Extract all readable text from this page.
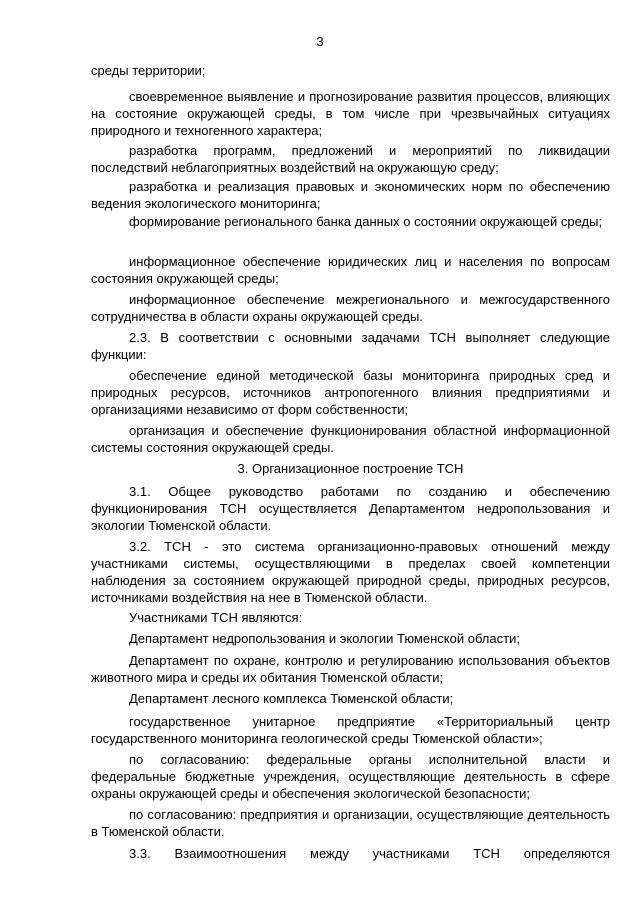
3

среды территории;

своевременное выявление и прогнозирование развития процессов, влияющих на состояние окружающей среды, в том числе при чрезвычайных ситуациях природного и техногенного характера;

разработка программ, предложений и мероприятий по ликвидации последствий неблагоприятных воздействий на окружающую среду;

разработка и реализация правовых и экономических норм по обеспечению ведения экологического мониторинга;

формирование регионального банка данных о состоянии окружающей среды;

информационное обеспечение юридических лиц и населения по вопросам состояния окружающей среды;

информационное обеспечение межрегионального и межгосударственного сотрудничества в области охраны окружающей среды.

2.3. В соответствии с основными задачами ТСН выполняет следующие функции:

обеспечение единой методической базы мониторинга природных сред и природных ресурсов, источников антропогенного влияния предприятиями и организациями независимо от форм собственности;

организация и обеспечение функционирования областной информационной системы состояния окружающей среды.

3. Организационное построение ТСН

3.1. Общее руководство работами по созданию и обеспечению функционирования ТСН осуществляется Департаментом недропользования и экологии Тюменской области.

3.2. ТСН - это система организационно-правовых отношений между участниками системы, осуществляющими в пределах своей компетенции наблюдения за состоянием окружающей природной среды, природных ресурсов, источниками воздействия на нее в Тюменской области.

Участниками ТСН являются:

Департамент недропользования и экологии Тюменской области;

Департамент по охране, контролю и регулированию использования объектов животного мира и среды их обитания Тюменской области;

Департамент лесного комплекса Тюменской области;

государственное унитарное предприятие «Территориальный центр государственного мониторинга геологической среды Тюменской области»;

по согласованию: федеральные органы исполнительной власти и федеральные бюджетные учреждения, осуществляющие деятельность в сфере охраны окружающей среды и обеспечения экологической безопасности;

по согласованию: предприятия и организации, осуществляющие деятельность в Тюменской области.

3.3. Взаимоотношения между участниками ТСН определяются
